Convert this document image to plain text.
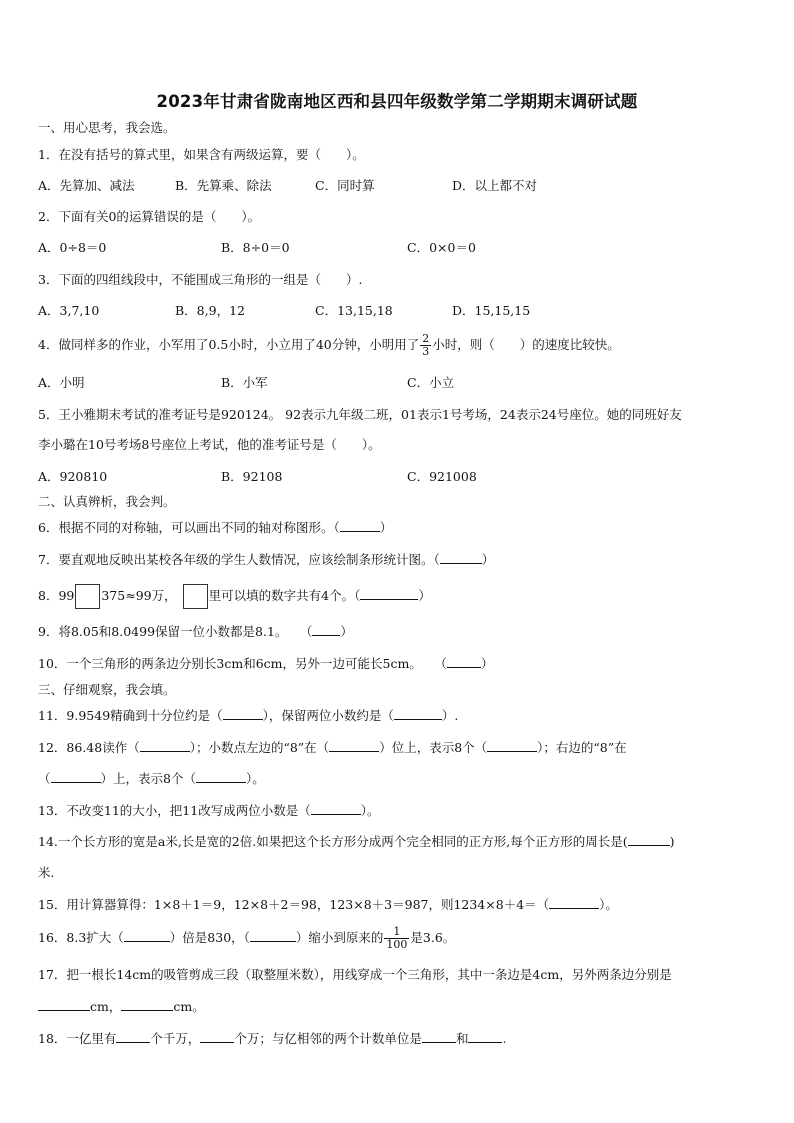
2023年甘肃省陇南地区西和县四年级数学第二学期期末调研试题
一、用心思考，我会选。
1．在没有括号的算式里，如果含有两级运算，要（　　）。
A．先算加、减法	B．先算乘、除法	C．同时算	D．以上都不对
2．下面有关0的运算错误的是（　　）。
A．0÷8＝0	B．8÷0＝0	C．0×0＝0
3．下面的四组线段中，不能围成三角形的一组是（　　）.
A．3,7,10	B．8,9，12	C．13,15,18	D．15,15,15
4．做同样多的作业，小军用了0.5小时，小立用了40分钟，小明用了 $\frac{2}{3}$ 小时，则（　　）的速度比较快。
A．小明	B．小军	C．小立
5．王小雅期末考试的准考证号是920124。 92表示九年级二班，01表示1号考场，24表示24号座位。她的同班好友
李小璐在10号考场8号座位上考试，他的准考证号是（　　）。
A．920810	B．92108	C．921008
二、认真辨析，我会判。
6．根据不同的对称轴，可以画出不同的轴对称图形。（	）
7．要直观地反映出某校各年级的学生人数情况，应该绘制条形统计图。（	）
8．99 375≈99万，	里可以填的数字共有4个。（	）
9．将8.05和8.0499保留一位小数都是8.1。　　（ ）
10．一个三角形的两条边分别长3cm和6cm，另外一边可能长5cm。　　（	）
三、仔细观察，我会填。
11．9.9549精确到十分位约是（	），保留两位小数约是（	）.
12．86.48读作（	）；小数点左边的“8”在（	）位上，表示8个（	）；右边的“8”在
（	）上，表示8个（	）。
13．不改变11的大小，把11改写成两位小数是（	）。
14.一个长方形的宽是a米,长是宽的2倍.如果把这个长方形分成两个完全相同的正方形,每个正方形的周长是(	)
米.
15．用计算器算得：1×8＋1＝9，12×8＋2＝98，123×8＋3＝987，则1234×8＋4＝（	）。
16．8.3扩大（	）倍是830，（	）缩小到原来的 $\frac{1}{100}$ 是3.6。
17．把一根长14cm的吸管剪成三段（取整厘米数），用线穿成一个三角形，其中一条边是4cm，另外两条边分别是
cm，	cm。
18．一亿里有	个千万，	个万；与亿相邻的两个计数单位是	和	.
